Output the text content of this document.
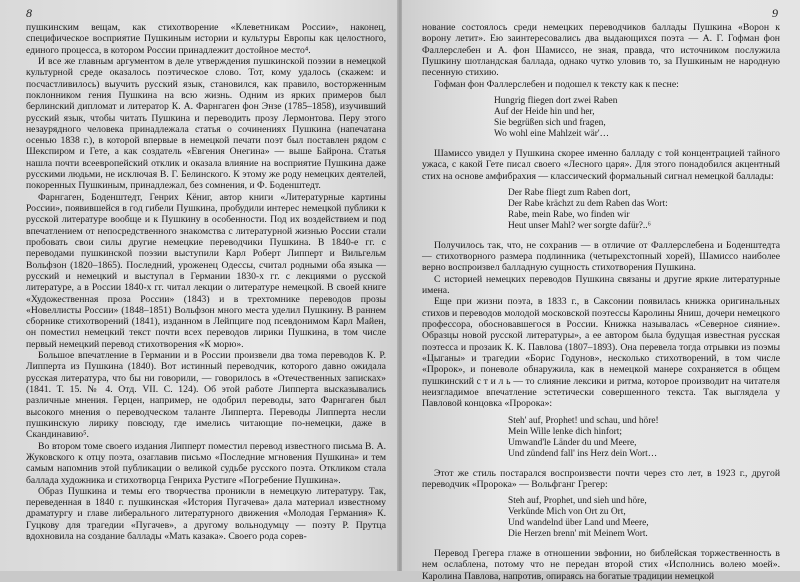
8

пушкинским вещам, как стихотворение «Клеветникам России», наконец, специфическое восприятие Пушкиным истории и культуры Европы как целостного, единого процесса, в котором России принадлежит достойное место⁴.

И все же главным аргументом в деле утверждения пушкинской поэзии в немецкой культурной среде оказалось поэтическое слово. Тот, кому удалось (скажем: и посчастливилось) выучить русский язык, становился, как правило, восторженным поклонником гения Пушкина на всю жизнь. Одним из ярких примеров был берлинский дипломат и литератор К. А. Фарнгаген фон Энзе (1785–1858), изучивший русский язык, чтобы читать Пушкина и переводить прозу Лермонтова. Перу этого незаурядного человека принадлежала статья о сочинениях Пушкина (напечатана осенью 1838 г.), в которой впервые в немецкой печати поэт был поставлен рядом с Шекспиром и Гете, а как создатель «Евгения Онегина» — выше Байрона. Статья нашла почти всеевропейский отклик и оказала влияние на восприятие Пушкина даже русскими людьми, не исключая В. Г. Белинского. К этому же роду немецких деятелей, покоренных Пушкиным, принадлежал, без сомнения, и Ф. Боденштедт.

Фарнгаген, Боденштедт, Генрих Кёниг, автор книги «Литературные картины России», появившейся в год гибели Пушкина, пробудили интерес немецкой публики к русской литературе вообще и к Пушкину в особенности. Под их воздействием и под впечатлением от непосредственного знакомства с литературной жизнью России стали пробовать свои силы другие немецкие переводчики Пушкина. В 1840-е гг. с переводами пушкинской поэзии выступили Карл Роберт Липперт и Вильгельм Вольфзон (1820–1865). Последний, уроженец Одессы, считал родными оба языка — русский и немецкий и выступал в Германии 1830-х гг. с лекциями о русской литературе, а в России 1840-х гг. читал лекции о литературе немецкой. В своей книге «Художественная проза России» (1843) и в трехтомнике переводов прозы «Новеллисты России» (1848–1851) Вольфзон много места уделил Пушкину. В раннем сборнике стихотворений (1841), изданном в Лейпциге под псевдонимом Карл Майен, он поместил немецкий текст почти всех переводов лирики Пушкина, в том числе первый немецкий перевод стихотворения «К морю».

Большое впечатление в Германии и в России произвели два тома переводов К. Р. Липперта из Пушкина (1840). Вот истинный переводчик, которого давно ожидала русская литература, что бы ни говорили, — говорилось в «Отечественных записках» (1841. Т. 15. № 4. Отд. VII. С. 124). Об этой работе Липперта высказывались различные мнения. Герцен, например, не одобрил переводы, зато Фарнгаген был высокого мнения о переводческом таланте Липперта. Переводы Липперта несли пушкинскую лирику повсюду, где имелись читающие по-немецки, даже в Скандинавию⁵.

Во втором томе своего издания Липперт поместил перевод известного письма В. А. Жуковского к отцу поэта, озаглавив письмо «Последние мгновения Пушкина» и тем самым напомнив этой публикации о великой судьбе русского поэта. Откликом стала баллада художника и стихотворца Генриха Рустиге «Погребение Пушкина».

Образ Пушкина и темы его творчества проникли в немецкую литературу. Так, переведенная в 1840 г. пушкинская «История Пугачева» дала материал известному драматургу и главе либерального литературного движения «Молодая Германия» К. Гуцкову для трагедии «Пугачев», а другому вольнодумцу — поэту Р. Прутца вдохновила на создание баллады «Мать казака». Своего рода сорев-

9

нование состоялось среди немецких переводчиков баллады Пушкина «Ворон к ворону летит». Ею заинтересовались два выдающихся поэта — А. Г. Гофман фон Фаллерслебен и А. фон Шамиссо, не зная, правда, что источником послужила Пушкину шотландская баллада, однако чутко уловив то, за Пушкиным не народную песенную стихию.

Гофман фон Фаллерслебен и подошел к тексту как к песне:

Hungrig fliegen dort zwei Raben
Auf der Heide hin und her,
Sie begrüßen sich und fragen,
Wo wohl eine Mahlzeit wär'…

Шамиссо увидел у Пушкина скорее именно балладу с той концентрацией тайного ужаса, с какой Гете писал своего «Лесного царя». Для этого понадобился акцентный стих на основе амфибрахия — классический формальный сигнал немецкой баллады:

Der Rabe fliegt zum Raben dort,
Der Rabe krächzt zu dem Raben das Wort:
Rabe, mein Rabe, wo finden wir
Heut unser Mahl? wer sorgte dafür?..⁶

Получилось так, что, не сохранив — в отличие от Фаллерслебена и Боденштедта — стихотворного размера подлинника (четырехстопный хорей), Шамиссо наиболее верно воспроизвел балладную сущность стихотворения Пушкина.

С историей немецких переводов Пушкина связаны и другие яркие литературные имена.

Еще при жизни поэта, в 1833 г., в Саксонии появилась книжка оригинальных стихов и переводов молодой московской поэтессы Каролины Яниш, дочери немецкого профессора, обосновавшегося в России. Книжка называлась «Северное сияние». Образцы новой русской литературы», а ее автором была будущая известная русская поэтесса и прозаик К. К. Павлова (1807–1893). Она перевела тогда отрывки из поэмы «Цыганы» и трагедии «Борис Годунов», несколько стихотворений, в том числе «Пророк», и поневоле обнаружила, как в немецкой манере сохраняется в общем пушкинский с т и л ь — то слияние лексики и ритма, которое производит на читателя неизгладимое впечатление эстетически совершенного текста. Так выглядела у Павловой концовка «Пророка»:

Steh' auf, Prophet! und schau, und höre!
Mein Wille lenke dich hinfort;
Umwand'le Länder du und Meere,
Und zündend fall' ins Herz dein Wort…

Этот же стиль постарался воспроизвести почти через сто лет, в 1923 г., другой переводчик «Пророка» — Вольфганг Грегер:

Steh auf, Prophet, und sieh und höre,
Verkünde Mich von Ort zu Ort,
Und wandelnd über Land und Meere,
Die Herzen brenn' mit Meinem Wort.

Перевод Грегера глаже в отношении эвфонии, но библейская торжественность в нем ослаблена, потому что не передан второй стих «Исполнись волею моей». Каролина Павлова, напротив, опираясь на богатые традиции немецкой
